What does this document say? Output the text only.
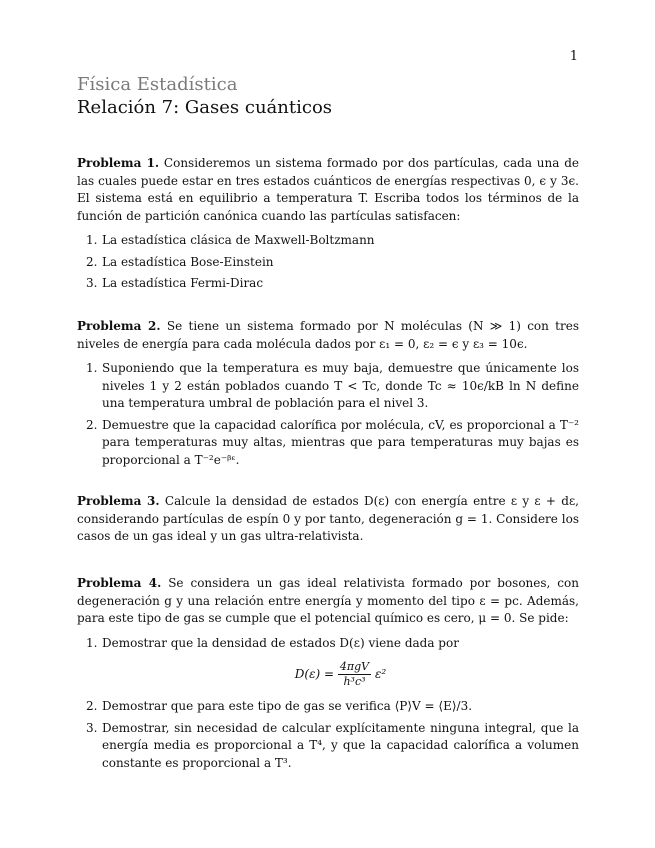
1
Física Estadística
Relación 7: Gases cuánticos

Problema 1. Consideremos un sistema formado por dos partículas, cada una de las cuales puede estar en tres estados cuánticos de energías respectivas 0, ϵ y 3ϵ. El sistema está en equilibrio a temperatura T. Escriba todos los términos de la función de partición canónica cuando las partículas satisfacen:

1. La estadística clásica de Maxwell-Boltzmann
2. La estadística Bose-Einstein
3. La estadística Fermi-Dirac

Problema 2. Se tiene un sistema formado por N moléculas (N ≫ 1) con tres niveles de energía para cada molécula dados por ε₁ = 0, ε₂ = ϵ y ε₃ = 10ϵ.

1. Suponiendo que la temperatura es muy baja, demuestre que únicamente los niveles 1 y 2 están poblados cuando T < Tc, donde Tc ≈ 10ϵ/kB ln N define una temperatura umbral de población para el nivel 3.
2. Demuestre que la capacidad calorífica por molécula, cV, es proporcional a T⁻² para temperaturas muy altas, mientras que para temperaturas muy bajas es proporcional a T⁻²e⁻ᵝᵋ.

Problema 3. Calcule la densidad de estados D(ε) con energía entre ε y ε + dε, considerando partículas de espín 0 y por tanto, degeneración g = 1. Considere los casos de un gas ideal y un gas ultra-relativista.

Problema 4. Se considera un gas ideal relativista formado por bosones, con degeneración g y una relación entre energía y momento del tipo ε = pc. Además, para este tipo de gas se cumple que el potencial químico es cero, μ = 0. Se pide:

1. Demostrar que la densidad de estados D(ε) viene dada por
$D(\varepsilon) = \frac{\text{4πgV}}{\text{h³c³}} \varepsilon^2$
2. Demostrar que para este tipo de gas se verifica ⟨P⟩V = ⟨E⟩/3.
3. Demostrar, sin necesidad de calcular explícitamente ninguna integral, que la energía media es proporcional a T⁴, y que la capacidad calorífica a volumen constante es proporcional a T³.
